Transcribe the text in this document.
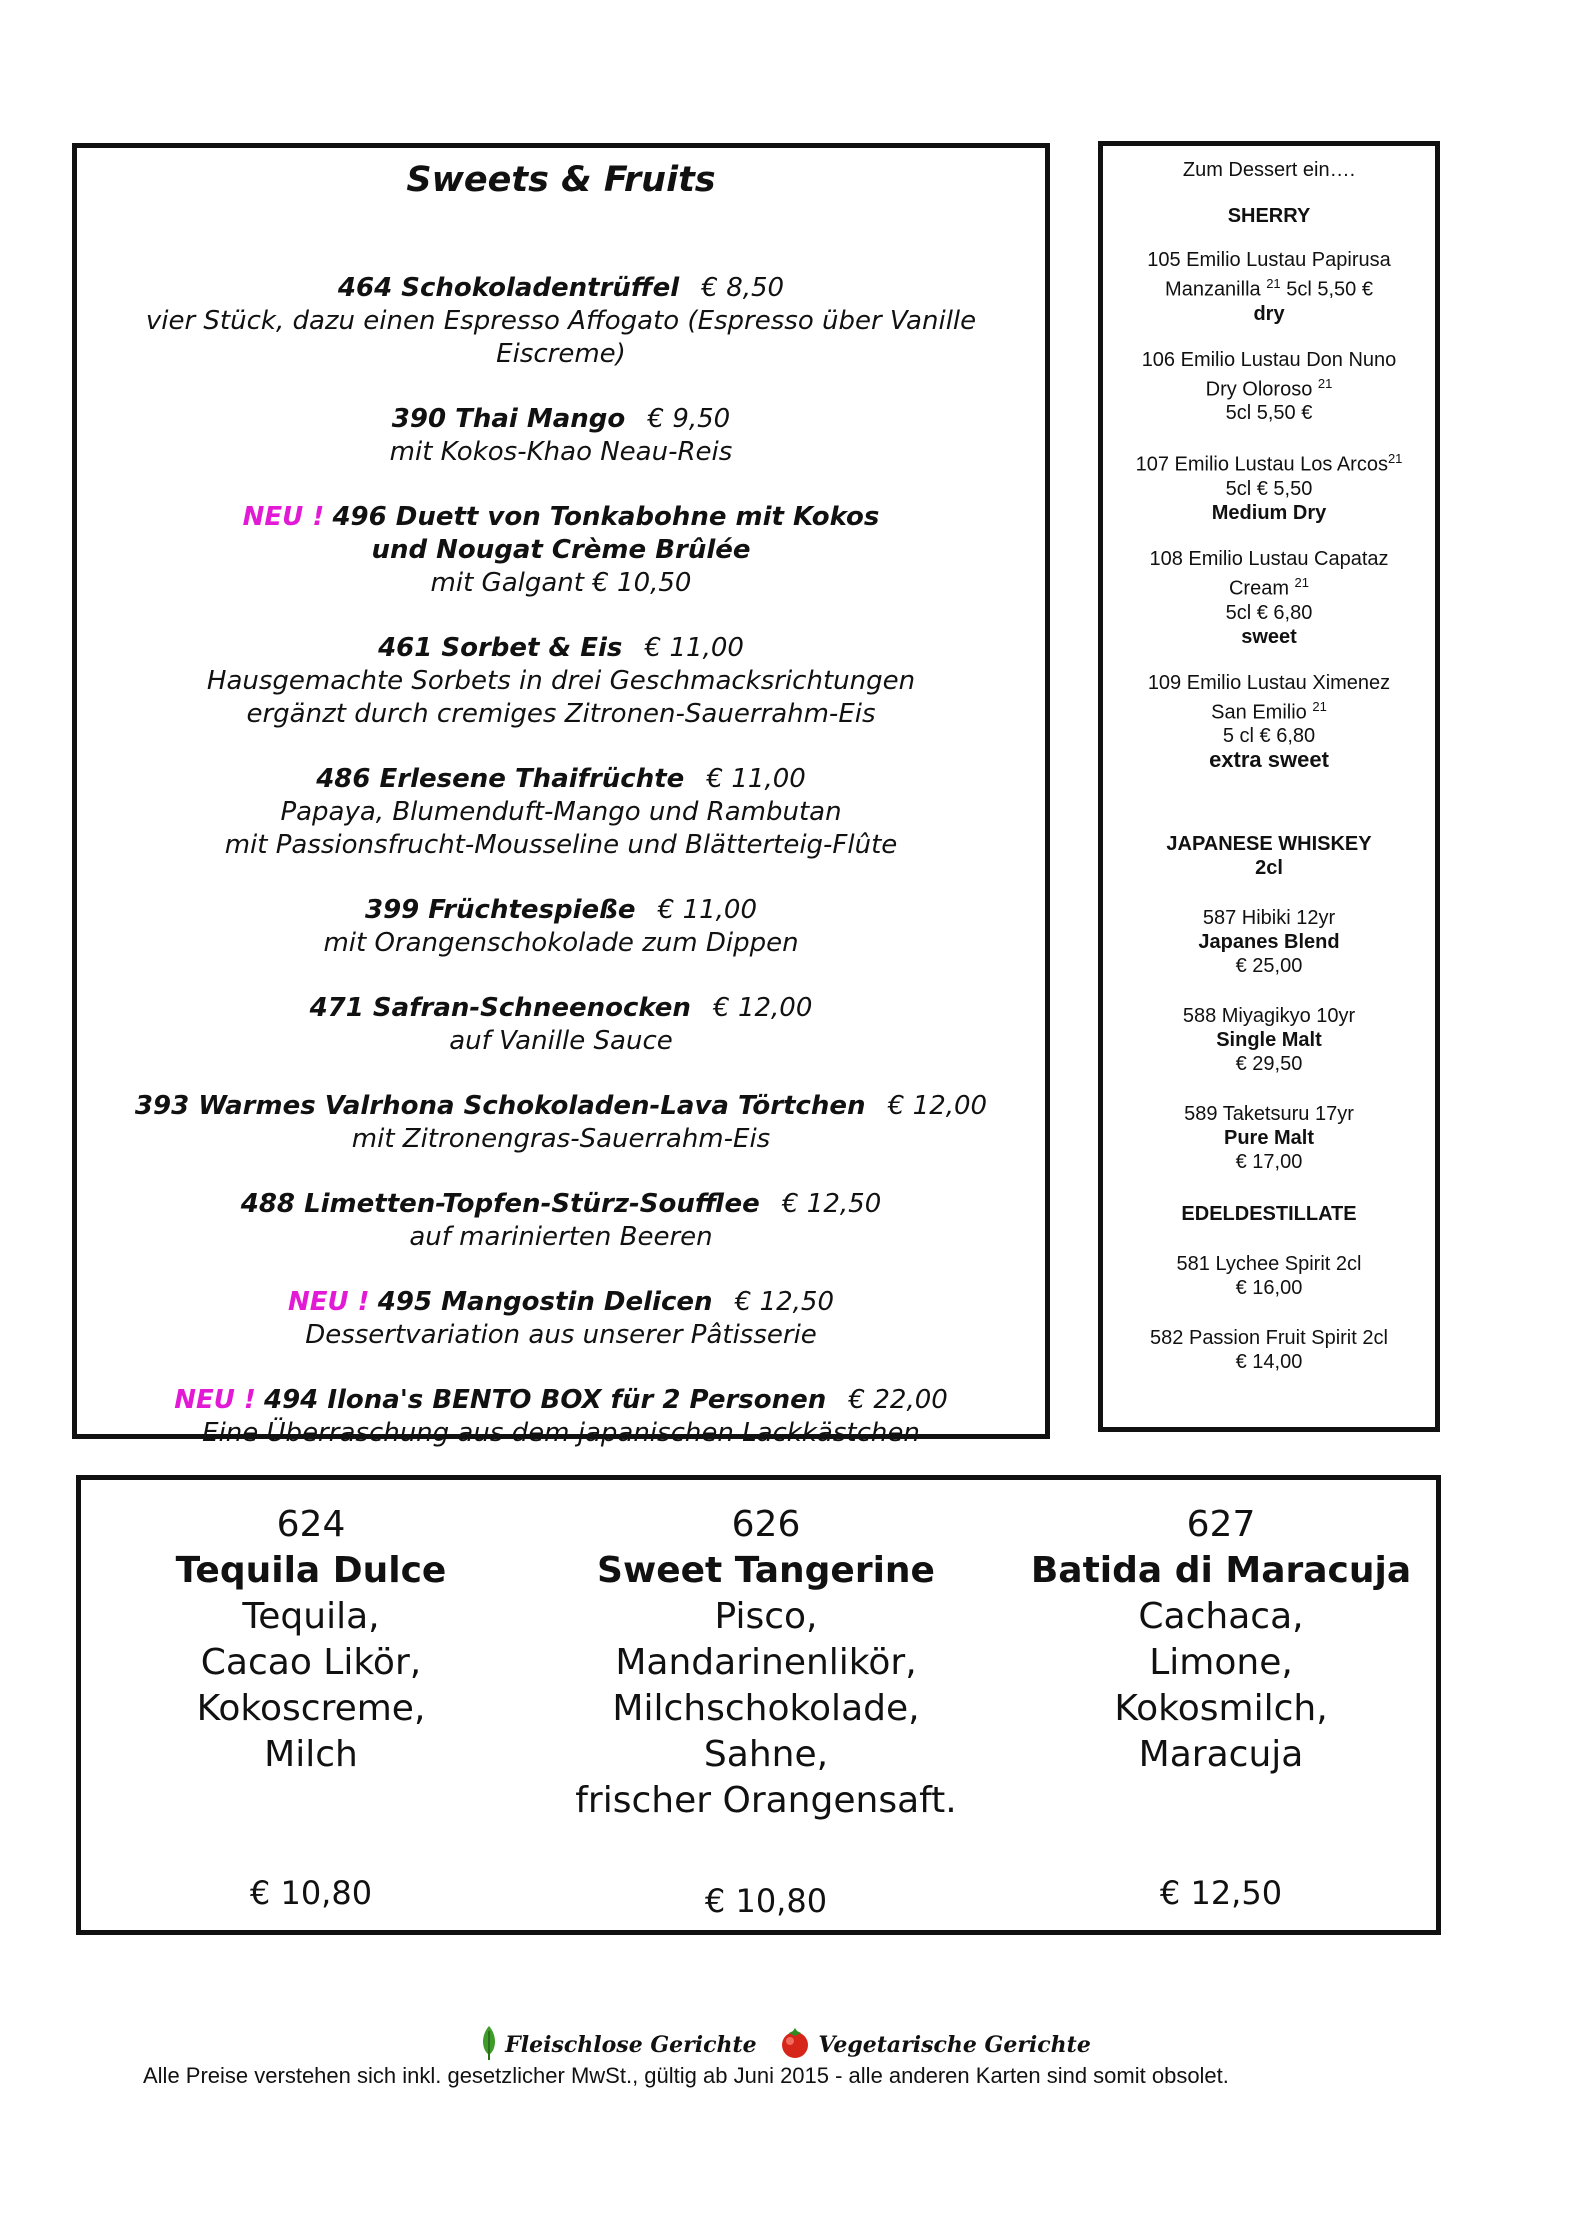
Sweets & Fruits
464 Schokoladentrüffel € 8,50
vier Stück, dazu einen Espresso Affogato (Espresso über Vanille Eiscreme)
390 Thai Mango € 9,50
mit Kokos-Khao Neau-Reis
NEU ! 496 Duett von Tonkabohne mit Kokos
und Nougat Crème Brûlée
mit Galgant € 10,50
461 Sorbet & Eis € 11,00
Hausgemachte Sorbets in drei Geschmacksrichtungen
ergänzt durch cremiges Zitronen-Sauerrahm-Eis
486 Erlesene Thaifrüchte € 11,00
Papaya, Blumenduft-Mango und Rambutan
mit Passionsfrucht-Mousseline und Blätterteig-Flûte
399 Früchtespieße € 11,00
mit Orangenschokolade zum Dippen
471 Safran-Schneenocken € 12,00
auf Vanille Sauce
393 Warmes Valrhona Schokoladen-Lava Törtchen € 12,00
mit Zitronengras-Sauerrahm-Eis
488 Limetten-Topfen-Stürz-Soufflee € 12,50
auf marinierten Beeren
NEU ! 495 Mangostin Delicen € 12,50
Dessertvariation aus unserer Pâtisserie
NEU ! 494 Ilona's BENTO BOX für 2 Personen € 22,00
Eine Überraschung aus dem japanischen Lackkästchen
Zum Dessert ein….
SHERRY
105 Emilio Lustau Papirusa
Manzanilla $^{21}$ 5cl 5,50 €
dry
106 Emilio Lustau Don Nuno
Dry Oloroso $^{21}$
5cl 5,50 €
107 Emilio Lustau Los Arcos$^{21}$
5cl € 5,50
Medium Dry
108 Emilio Lustau Capataz
Cream $^{21}$
5cl € 6,80
sweet
109 Emilio Lustau Ximenez
San Emilio $^{21}$
5 cl € 6,80
extra sweet
JAPANESE WHISKEY
2cl
587 Hibiki 12yr
Japanes Blend
€ 25,00
588 Miyagikyo 10yr
Single Malt
€ 29,50
589 Taketsuru 17yr
Pure Malt
€ 17,00
EDELDESTILLATE
581 Lychee Spirit 2cl
€ 16,00
582 Passion Fruit Spirit 2cl
€ 14,00
624
Tequila Dulce
Tequila,
Cacao Likör,
Kokoscreme,
Milch
€ 10,80
626
Sweet Tangerine
Pisco,
Mandarinenlikör,
Milchschokolade,
Sahne,
frischer Orangensaft.
€ 10,80
627
Batida di Maracuja
Cachaca,
Limone,
Kokosmilch,
Maracuja
€ 12,50
Fleischlose Gerichte	Vegetarische Gerichte
Alle Preise verstehen sich inkl. gesetzlicher MwSt., gültig ab Juni 2015 - alle anderen Karten sind somit obsolet.
